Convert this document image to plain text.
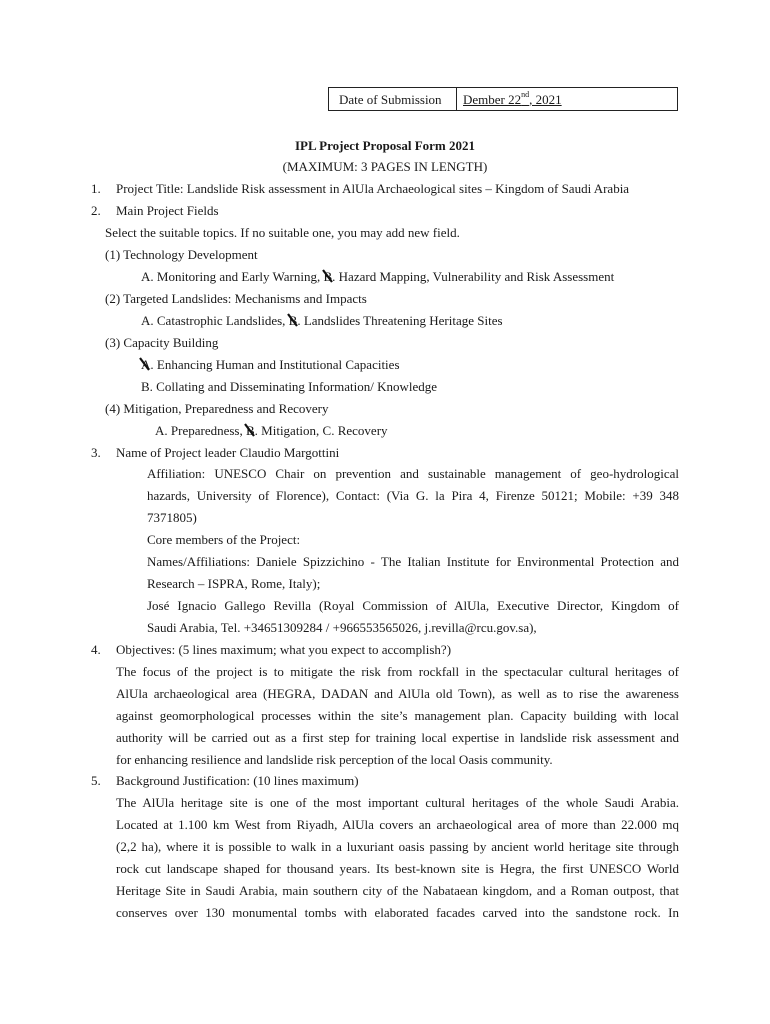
Date of Submission	Dember 22nd, 2021
IPL Project Proposal Form 2021
(MAXIMUM: 3 PAGES IN LENGTH)
1. Project Title: Landslide Risk assessment in AlUla Archaeological sites – Kingdom of Saudi Arabia
2. Main Project Fields
Select the suitable topics. If no suitable one, you may add new field.
(1) Technology Development
A. Monitoring and Early Warning, B
. Hazard Mapping, Vulnerability and Risk Assessment
(2) Targeted Landslides: Mechanisms and Impacts
A. Catastrophic Landslides, B
. Landslides Threatening Heritage Sites
(3) Capacity Building
A
. Enhancing Human and Institutional Capacities
B. Collating and Disseminating Information/ Knowledge
(4) Mitigation, Preparedness and Recovery
A. Preparedness, B
. Mitigation, C. Recovery
3. Name of Project leader Claudio Margottini
Affiliation: UNESCO Chair on prevention and sustainable management of geo-hydrological
hazards, University of Florence), Contact: (Via G. la Pira 4, Firenze 50121; Mobile: +39 348
7371805)
Core members of the Project:
Names/Affiliations: Daniele Spizzichino - The Italian Institute for Environmental Protection and
Research – ISPRA, Rome, Italy);
José Ignacio Gallego Revilla (Royal Commission of AlUla, Executive Director, Kingdom of
Saudi Arabia, Tel. +34651309284 / +966553565026, j.revilla@rcu.gov.sa),
4. Objectives: (5 lines maximum; what you expect to accomplish?)
The focus of the project is to mitigate the risk from rockfall in the spectacular cultural heritages of
AlUla archaeological area (HEGRA, DADAN and AlUla old Town), as well as to rise the awareness
against geomorphological processes within the site’s management plan. Capacity building with local
authority will be carried out as a first step for training local expertise in landslide risk assessment and
for enhancing resilience and landslide risk perception of the local Oasis community.
5. Background Justification: (10 lines maximum)
The AlUla heritage site is one of the most important cultural heritages of the whole Saudi Arabia.
Located at 1.100 km West from Riyadh, AlUla covers an archaeological area of more than 22.000 mq
(2,2 ha), where it is possible to walk in a luxuriant oasis passing by ancient world heritage site through
rock cut landscape shaped for thousand years. Its best-known site is Hegra, the first UNESCO World
Heritage Site in Saudi Arabia, main southern city of the Nabataean kingdom, and a Roman outpost, that
conserves over 130 monumental tombs with elaborated facades carved into the sandstone rock. In
